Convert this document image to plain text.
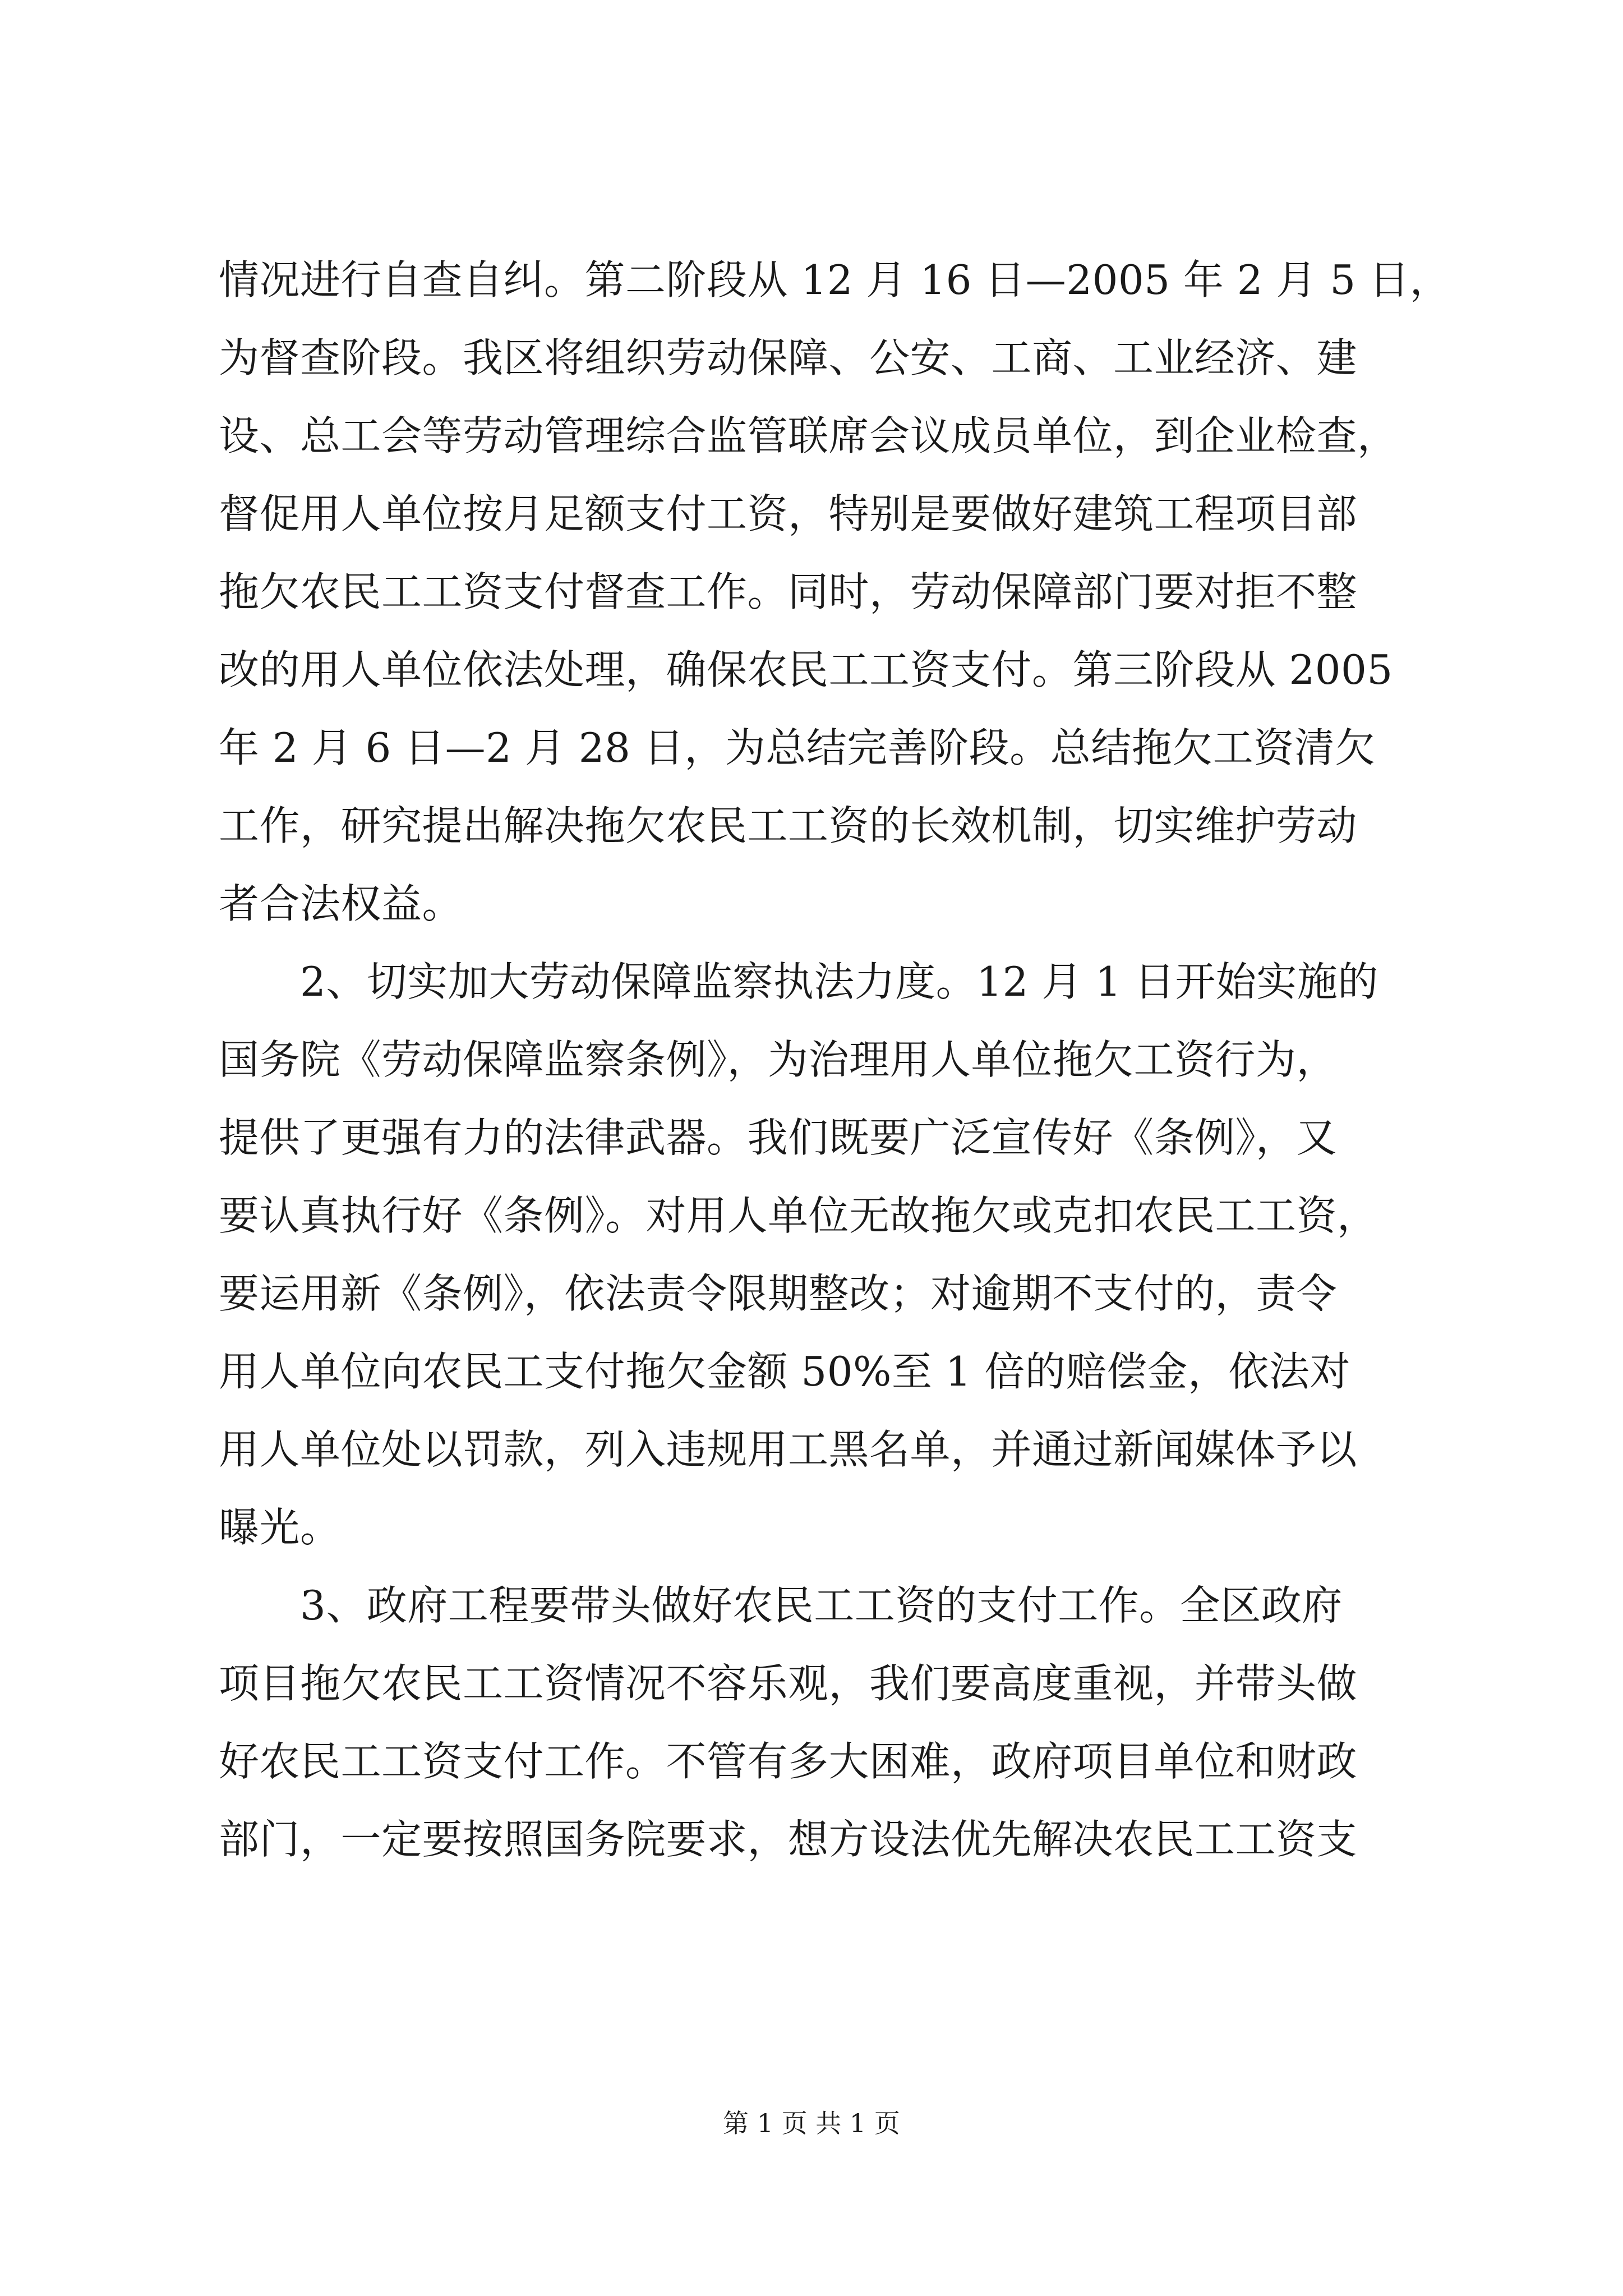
情况进行自查自纠。第二阶段从 12 月 16 日—2005 年 2 月 5 日，
为督查阶段。我区将组织劳动保障、公安、工商、工业经济、建
设、总工会等劳动管理综合监管联席会议成员单位，到企业检查，
督促用人单位按月足额支付工资，特别是要做好建筑工程项目部
拖欠农民工工资支付督查工作。同时，劳动保障部门要对拒不整
改的用人单位依法处理，确保农民工工资支付。第三阶段从 2005
年 2 月 6 日—2 月 28 日，为总结完善阶段。总结拖欠工资清欠
工作，研究提出解决拖欠农民工工资的长效机制，切实维护劳动
者合法权益。
　　2、切实加大劳动保障监察执法力度。12 月 1 日开始实施的
国务院《劳动保障监察条例》，为治理用人单位拖欠工资行为，
提供了更强有力的法律武器。我们既要广泛宣传好《条例》，又
要认真执行好《条例》。对用人单位无故拖欠或克扣农民工工资，
要运用新《条例》，依法责令限期整改；对逾期不支付的，责令
用人单位向农民工支付拖欠金额 50%至 1 倍的赔偿金，依法对
用人单位处以罚款，列入违规用工黑名单，并通过新闻媒体予以
曝光。
　　3、政府工程要带头做好农民工工资的支付工作。全区政府
项目拖欠农民工工资情况不容乐观，我们要高度重视，并带头做
好农民工工资支付工作。不管有多大困难，政府项目单位和财政
部门，一定要按照国务院要求，想方设法优先解决农民工工资支
第 1 页 共 1 页
